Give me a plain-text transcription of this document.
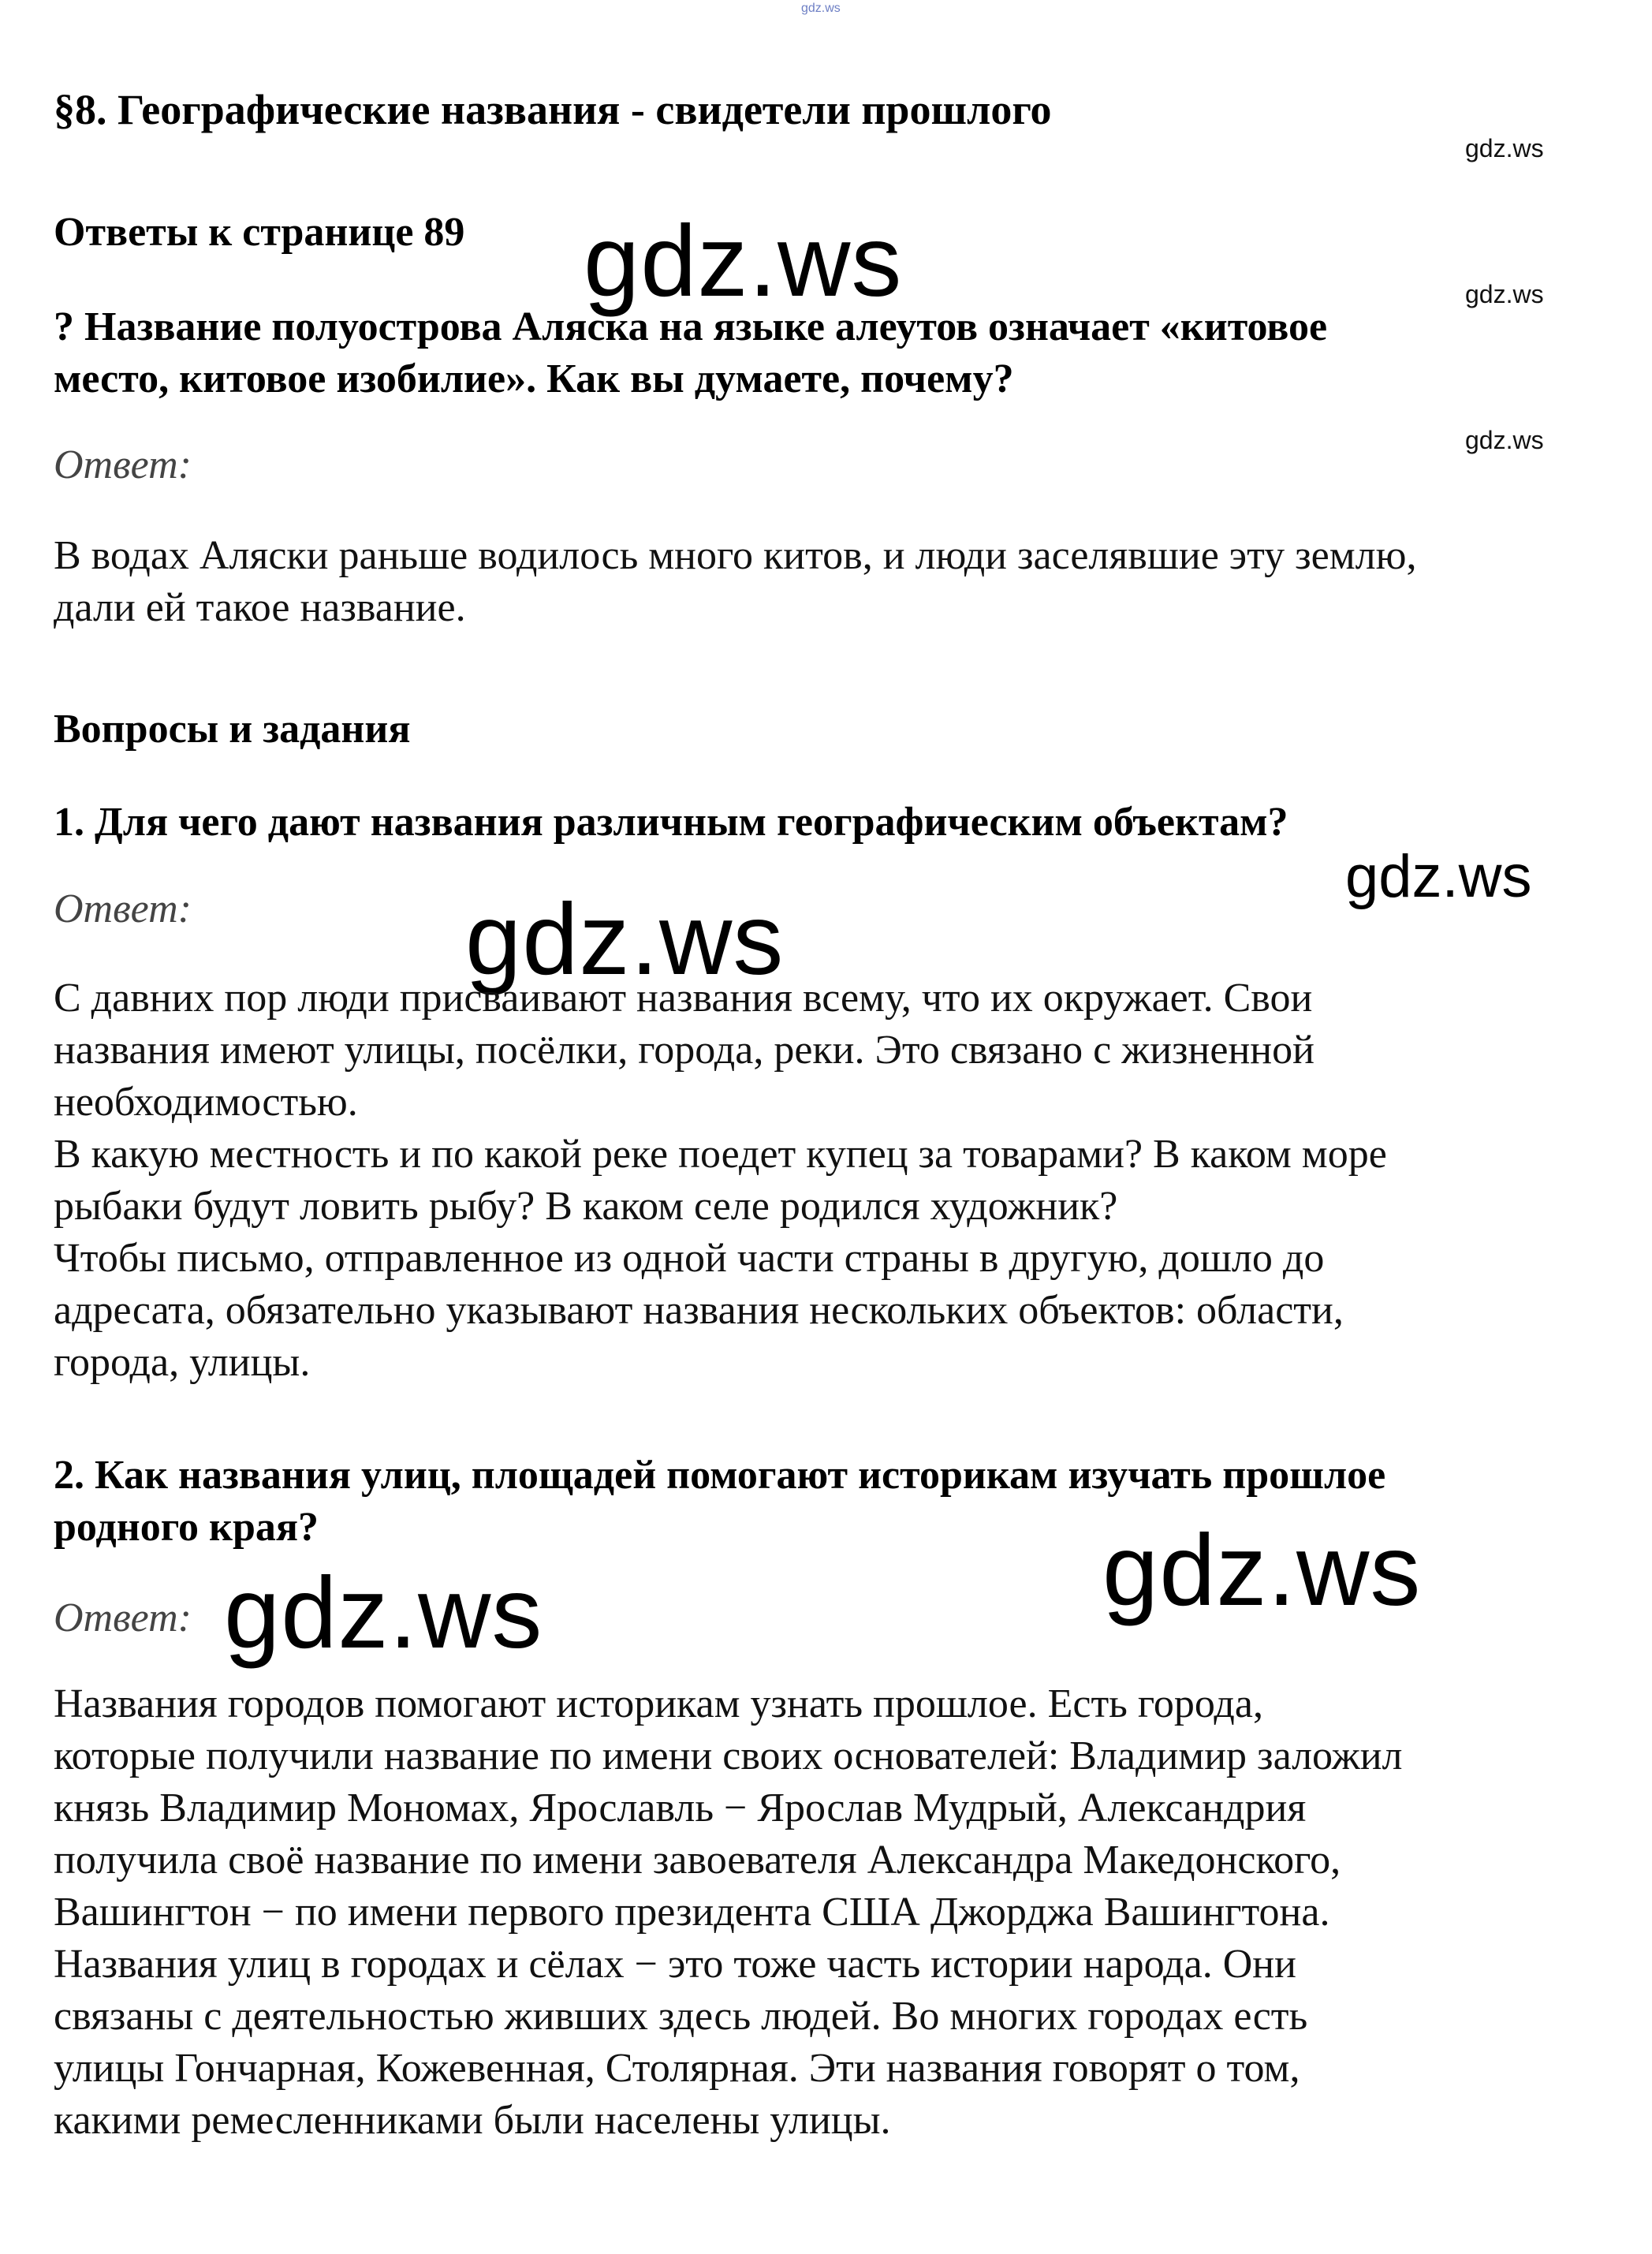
gdz.ws
§8. Географические названия - свидетели прошлого
gdz.ws
Ответы к странице 89 gdz.ws	gdz.ws
? Название полуострова Аляска на языке алеутов означает «китовое
место, китовое изобилие». Как вы думаете, почему?
gdz.ws
Ответ:
В водах Аляски раньше водилось много китов, и люди заселявшие эту землю,
дали ей такое название.
Вопросы и задания
1. Для чего дают названия различным географическим объектам?
gdz.ws
Ответ:	gdz.ws
С давних пор люди присваивают названия всему, что их окружает. Свои
названия имеют улицы, посёлки, города, реки. Это связано с жизненной
необходимостью.
В какую местность и по какой реке поедет купец за товарами? В каком море
рыбаки будут ловить рыбу? В каком селе родился художник?
Чтобы письмо, отправленное из одной части страны в другую, дошло до
адресата, обязательно указывают названия нескольких объектов: области,
города, улицы.
2. Как названия улиц, площадей помогают историкам изучать прошлое
родного края?	gdz.ws
Ответ: gdz.ws
Названия городов помогают историкам узнать прошлое. Есть города,
которые получили название по имени своих основателей: Владимир заложил
князь Владимир Мономах, Ярославль − Ярослав Мудрый, Александрия
получила своё название по имени завоевателя Александра Македонского,
Вашингтон − по имени первого президента США Джорджа Вашингтона.
Названия улиц в городах и сёлах − это тоже часть истории народа. Они
связаны с деятельностью живших здесь людей. Во многих городах есть
улицы Гончарная, Кожевенная, Столярная. Эти названия говорят о том,
какими ремесленниками были населены улицы.
